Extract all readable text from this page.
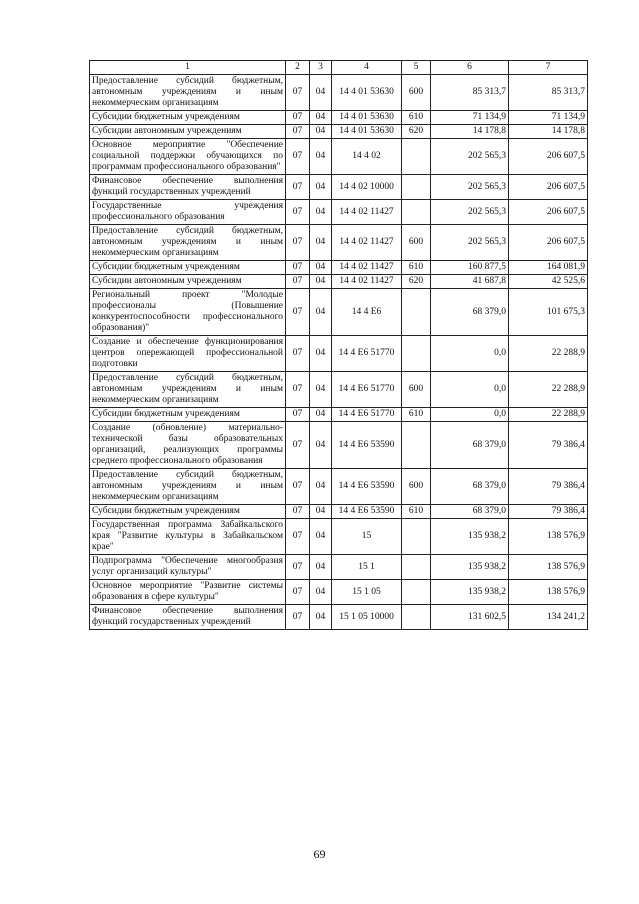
1	2	3	4	5	6	7
Предоставление субсидий бюджетным, автономным учреждениям и иным некоммерческим организациям	07	04	14 4 01 53630	600	85 313,7	85 313,7
Субсидии бюджетным учреждениям	07	04	14 4 01 53630	610	71 134,9	71 134,9
Субсидии автономным учреждениям	07	04	14 4 01 53630	620	14 178,8	14 178,8
Основное мероприятие "Обеспечение социальной поддержки обучающихся по программам профессионального образования"	07	04	14 4 02		202 565,3	206 607,5
Финансовое обеспечение выполнения функций государственных учреждений	07	04	14 4 02 10000		202 565,3	206 607,5
Государственные учреждения профессионального образования	07	04	14 4 02 11427		202 565,3	206 607,5
Предоставление субсидий бюджетным, автономным учреждениям и иным некоммерческим организациям	07	04	14 4 02 11427	600	202 565,3	206 607,5
Субсидии бюджетным учреждениям	07	04	14 4 02 11427	610	160 877,5	164 081,9
Субсидии автономным учреждениям	07	04	14 4 02 11427	620	41 687,8	42 525,6
Региональный проект "Молодые профессионалы (Повышение конкурентоспособности профессионального образования)"	07	04	14 4 E6		68 379,0	101 675,3
Создание и обеспечение функционирования центров опережающей профессиональной подготовки	07	04	14 4 E6 51770		0,0	22 288,9
Предоставление субсидий бюджетным, автономным учреждениям и иным некоммерческим организациям	07	04	14 4 E6 51770	600	0,0	22 288,9
Субсидии бюджетным учреждениям	07	04	14 4 E6 51770	610	0,0	22 288,9
Создание (обновление) материально-технической базы образовательных организаций, реализующих программы среднего профессионального образования	07	04	14 4 E6 53590		68 379,0	79 386,4
Предоставление субсидий бюджетным, автономным учреждениям и иным некоммерческим организациям	07	04	14 4 E6 53590	600	68 379,0	79 386,4
Субсидии бюджетным учреждениям	07	04	14 4 E6 53590	610	68 379,0	79 386,4
Государственная программа Забайкальского края "Развитие культуры в Забайкальском крае"	07	04	15		135 938,2	138 576,9
Подпрограмма "Обеспечение многообразия услуг организаций культуры"	07	04	15 1		135 938,2	138 576,9
Основное мероприятие "Развитие системы образования в сфере культуры"	07	04	15 1 05		135 938,2	138 576,9
Финансовое обеспечение выполнения функций государственных учреждений	07	04	15 1 05 10000		131 602,5	134 241,2
69
